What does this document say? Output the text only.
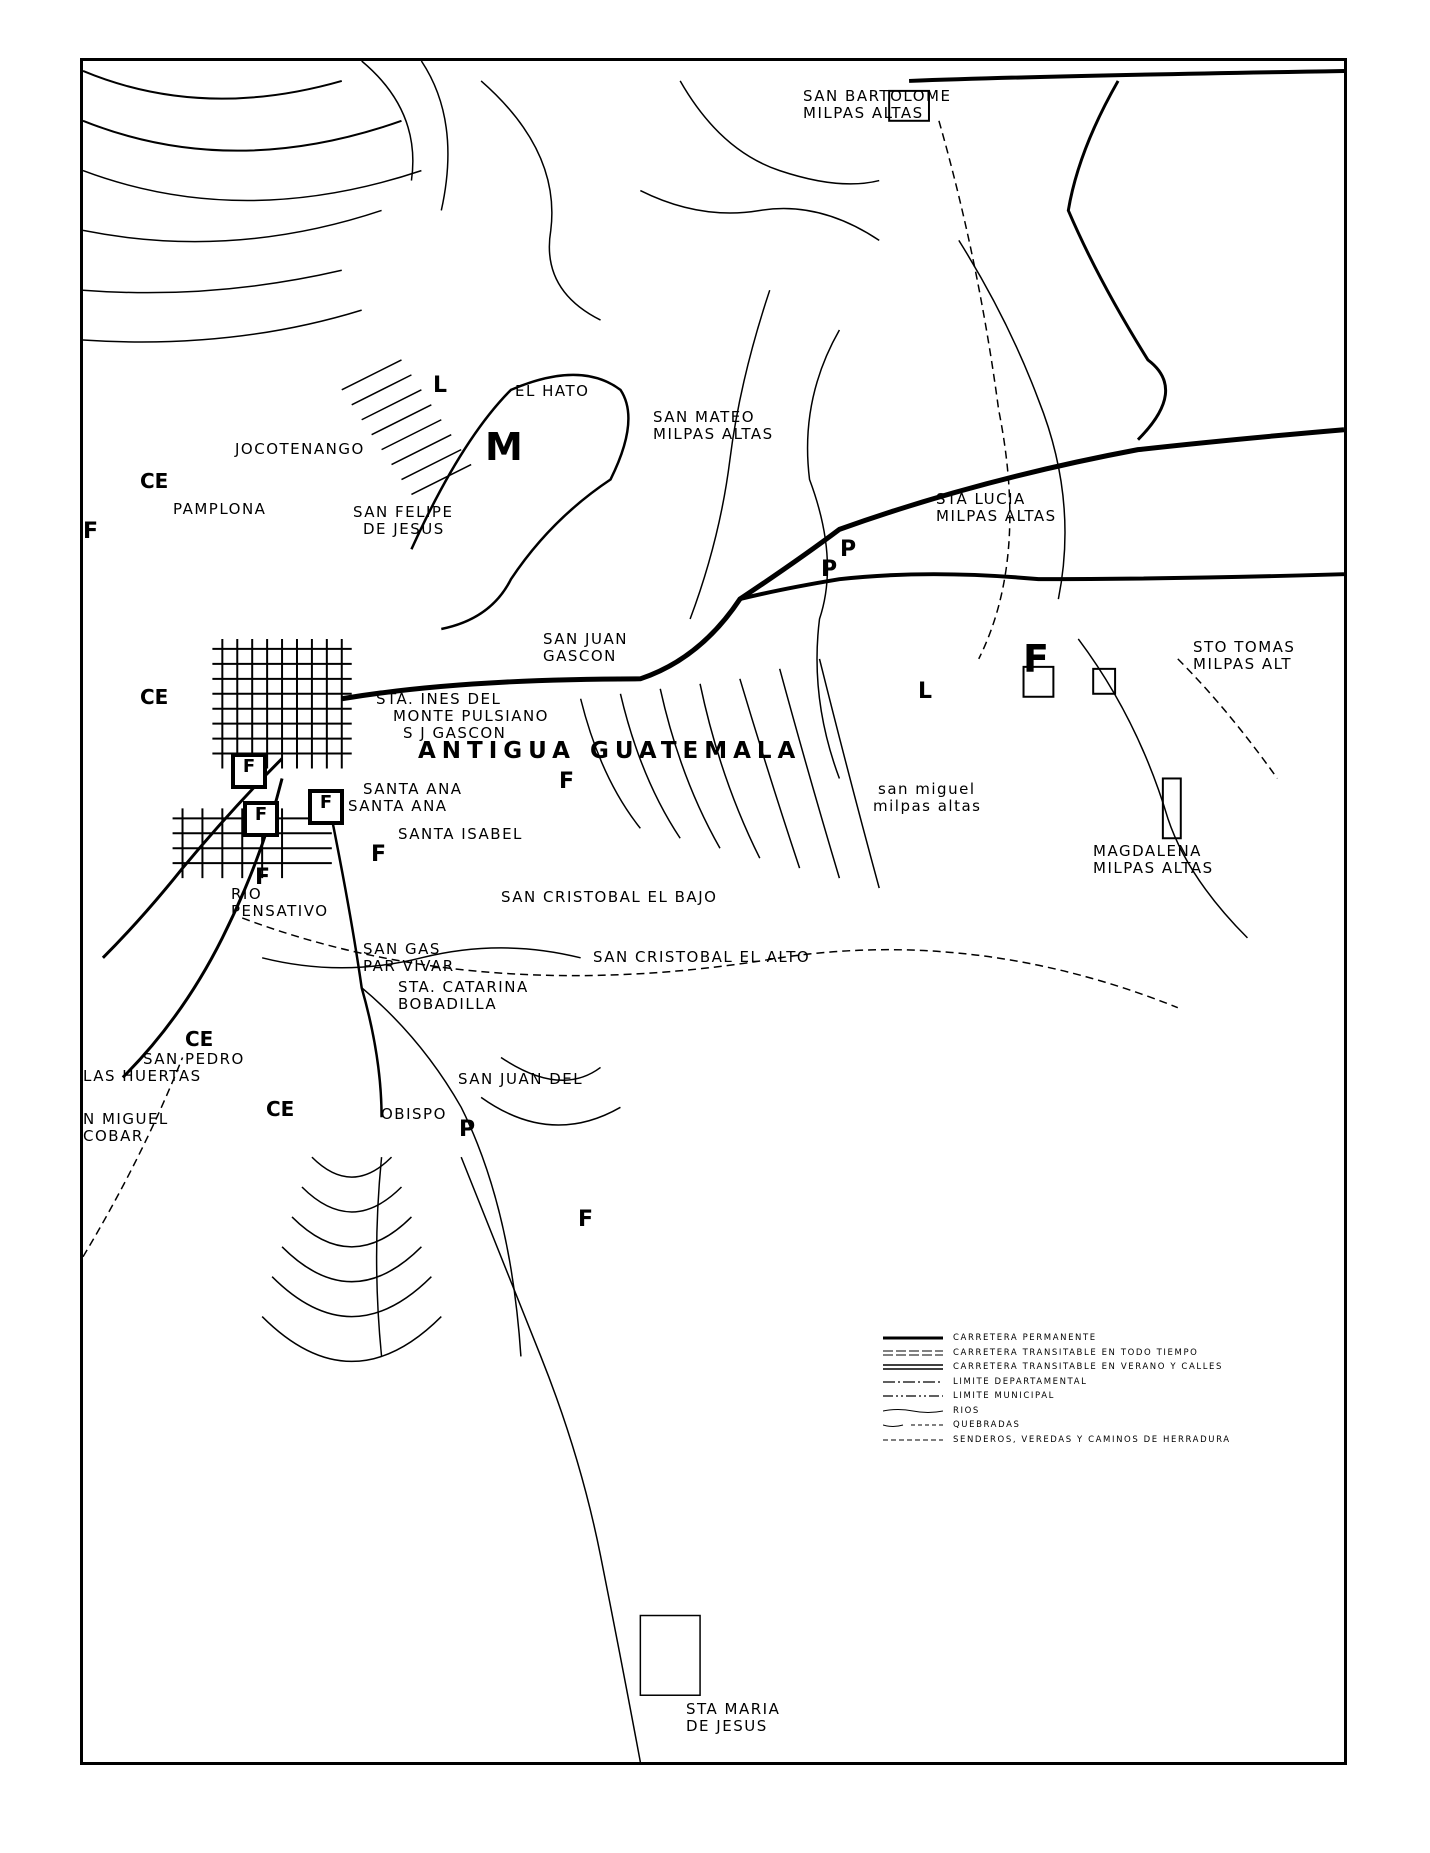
SAN BARTOLOME
MILPAS ALTAS
EL HATO
SAN MATEO
MILPAS ALTAS
JOCOTENANGO
PAMPLONA	SAN FELIPE
DE JESUS
STA LUCIA
MILPAS ALTAS
SAN JUAN
GASCON	STO TOMAS
MILPAS ALT
STA. INES DEL
MONTE PULSIANO
S J GASCON
ANTIGUA GUATEMALA
SANTA ANA
SANTA ANA
SANTA ISABEL
san miguel
milpas altas
MAGDALENA
MILPAS ALTAS
RIO
PENSATIVO
SAN CRISTOBAL EL BAJO
SAN GAS
PAR VIVAR	SAN CRISTOBAL EL ALTO
STA. CATARINA
BOBADILLA
SAN PEDRO
LAS HUERTAS	SAN JUAN DEL
OBISPO
N MIGUEL
COBAR
STA MARIA
DE JESUS
M
F
F
F
F
F
F
P
P
P
CE
CE
CE
CE
L
L
F
F
F
CARRETERA PERMANENTE
CARRETERA TRANSITABLE EN TODO TIEMPO
CARRETERA TRANSITABLE EN VERANO Y CALLES
LIMITE DEPARTAMENTAL
LIMITE MUNICIPAL
RIOS
QUEBRADAS
SENDEROS, VEREDAS Y CAMINOS DE HERRADURA
